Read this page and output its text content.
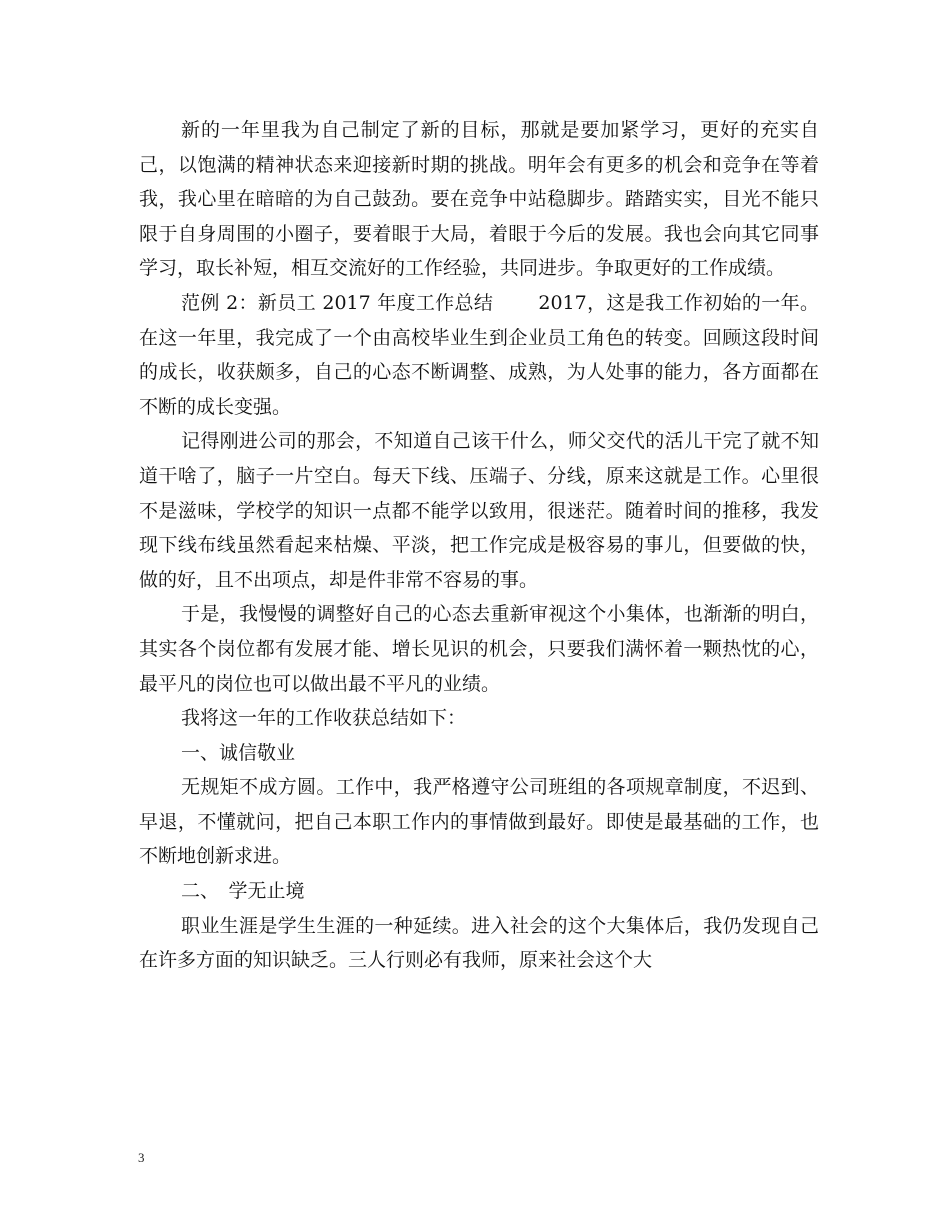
新的一年里我为自己制定了新的目标，那就是要加紧学习，更好的充实自己，以饱满的精神状态来迎接新时期的挑战。明年会有更多的机会和竞争在等着我，我心里在暗暗的为自己鼓劲。要在竞争中站稳脚步。踏踏实实，目光不能只限于自身周围的小圈子，要着眼于大局，着眼于今后的发展。我也会向其它同事学习，取长补短，相互交流好的工作经验，共同进步。争取更好的工作成绩。

范例 2：新员工 2017 年度工作总结　　 2017，这是我工作初始的一年。在这一年里，我完成了一个由高校毕业生到企业员工角色的转变。回顾这段时间的成长，收获颇多，自己的心态不断调整、成熟，为人处事的能力，各方面都在不断的成长变强。

记得刚进公司的那会，不知道自己该干什么，师父交代的活儿干完了就不知道干啥了，脑子一片空白。每天下线、压端子、分线，原来这就是工作。心里很不是滋味，学校学的知识一点都不能学以致用，很迷茫。随着时间的推移，我发现下线布线虽然看起来枯燥、平淡，把工作完成是极容易的事儿，但要做的快，做的好，且不出项点，却是件非常不容易的事。

于是，我慢慢的调整好自己的心态去重新审视这个小集体，也渐渐的明白，其实各个岗位都有发展才能、增长见识的机会，只要我们满怀着一颗热忱的心，最平凡的岗位也可以做出最不平凡的业绩。

我将这一年的工作收获总结如下：

一、诚信敬业

无规矩不成方圆。工作中，我严格遵守公司班组的各项规章制度，不迟到、早退，不懂就问，把自己本职工作内的事情做到最好。即使是最基础的工作，也不断地创新求进。

二、　学无止境

职业生涯是学生生涯的一种延续。进入社会的这个大集体后，我仍发现自己在许多方面的知识缺乏。三人行则必有我师，原来社会这个大

3
